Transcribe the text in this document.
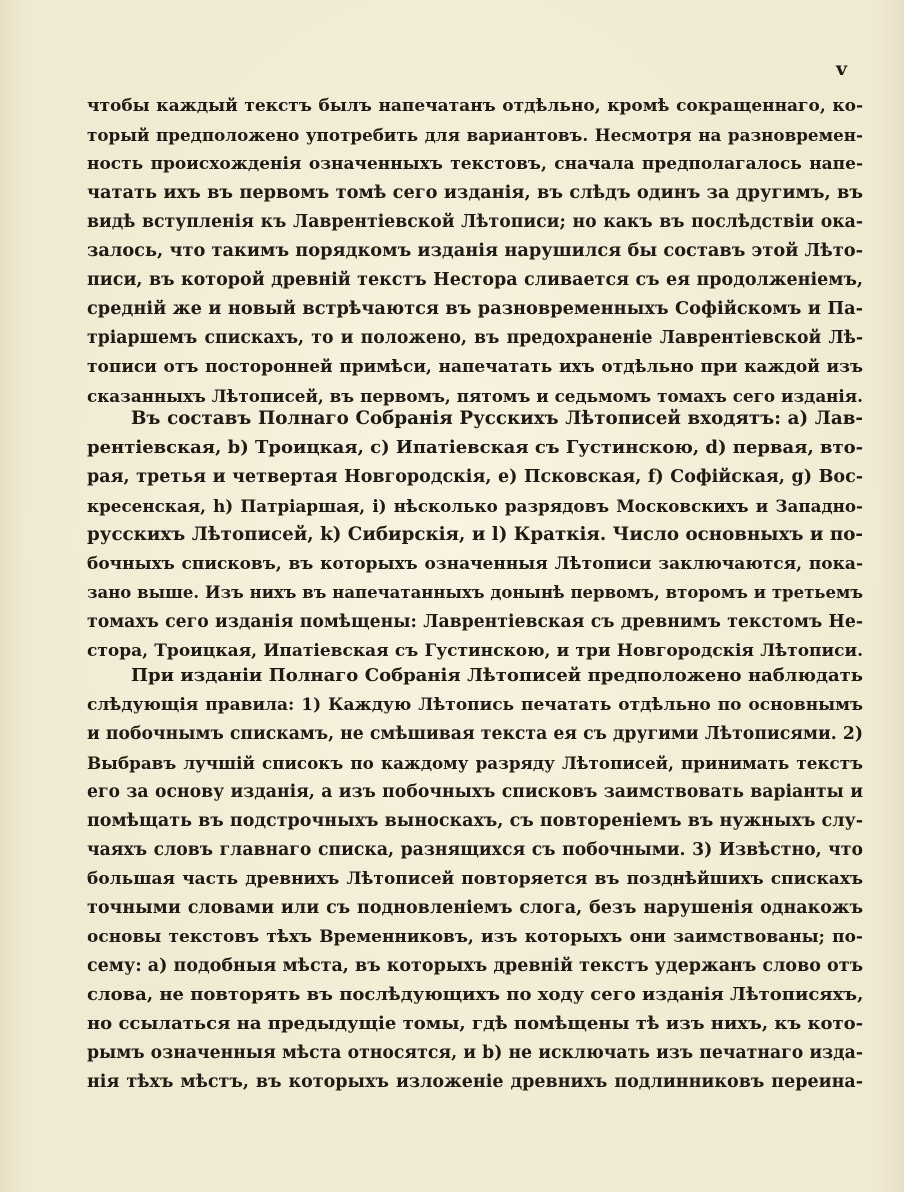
v
чтобы каждый текстъ былъ напечатанъ отдѣльно, кромѣ сокращеннаго, ко-
торый предположено употребить для вариантовъ. Несмотря на разновремен-
ность происхожденія означенныхъ текстовъ, сначала предполагалось напе-
чатать ихъ въ первомъ томѣ сего изданія, въ слѣдъ одинъ за другимъ, въ
видѣ вступленія къ Лаврентіевской Лѣтописи; но какъ въ послѣдствіи ока-
залось, что такимъ порядкомъ изданія нарушился бы составъ этой Лѣто-
писи, въ которой древній текстъ Нестора сливается съ ея продолженіемъ,
средній же и новый встрѣчаются въ разновременныхъ Софійскомъ и Па-
тріаршемъ спискахъ, то и положено, въ предохраненіе Лаврентіевской Лѣ-
тописи отъ посторонней примѣси, напечатать ихъ отдѣльно при каждой изъ
сказанныхъ Лѣтописей, въ первомъ, пятомъ и седьмомъ томахъ сего изданія.
Въ составъ Полнаго Собранія Русскихъ Лѣтописей входятъ: a) Лав-
рентіевская, b) Троицкая, c) Ипатіевская съ Густинскою, d) первая, вто-
рая, третья и четвертая Новгородскія, e) Псковская, f) Софійская, g) Вос-
кресенская, h) Патріаршая, i) нѣсколько разрядовъ Московскихъ и Западно-
русскихъ Лѣтописей, k) Сибирскія, и l) Краткія. Число основныхъ и по-
бочныхъ списковъ, въ которыхъ означенныя Лѣтописи заключаются, пока-
зано выше. Изъ нихъ въ напечатанныхъ донынѣ первомъ, второмъ и третьемъ
томахъ сего изданія помѣщены: Лаврентіевская съ древнимъ текстомъ Не-
стора, Троицкая, Ипатіевская съ Густинскою, и три Новгородскія Лѣтописи.
При изданіи Полнаго Собранія Лѣтописей предположено наблюдать
слѣдующія правила: 1) Каждую Лѣтопись печатать отдѣльно по основнымъ
и побочнымъ спискамъ, не смѣшивая текста ея съ другими Лѣтописями. 2)
Выбравъ лучшій списокъ по каждому разряду Лѣтописей, принимать текстъ
его за основу изданія, а изъ побочныхъ списковъ заимствовать варіанты и
помѣщать въ подстрочныхъ выноскахъ, съ повтореніемъ въ нужныхъ слу-
чаяхъ словъ главнаго списка, разнящихся съ побочными. 3) Извѣстно, что
большая часть древнихъ Лѣтописей повторяется въ позднѣйшихъ спискахъ
точными словами или съ подновленіемъ слога, безъ нарушенія однакожъ
основы текстовъ тѣхъ Временниковъ, изъ которыхъ они заимствованы; по-
сему: a) подобныя мѣста, въ которыхъ древній текстъ удержанъ слово отъ
слова, не повторять въ послѣдующихъ по ходу сего изданія Лѣтописяхъ,
но ссылаться на предыдущіе томы, гдѣ помѣщены тѣ изъ нихъ, къ кото-
рымъ означенныя мѣста относятся, и b) не исключать изъ печатнаго изда-
нія тѣхъ мѣстъ, въ которыхъ изложеніе древнихъ подлинниковъ переина-
